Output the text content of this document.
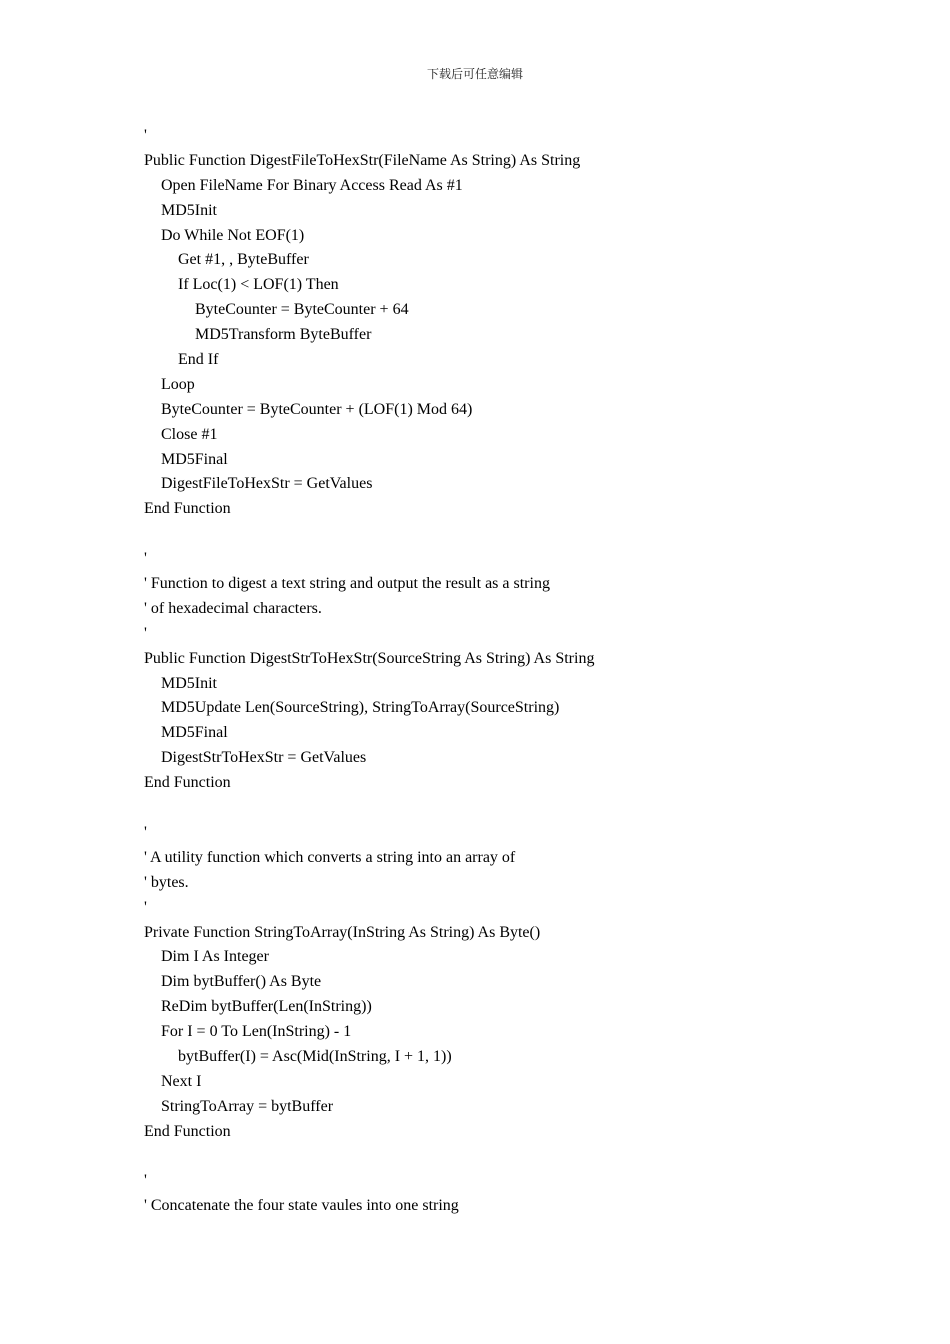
下载后可任意编辑
'
Public Function DigestFileToHexStr(FileName As String) As String
Open FileName For Binary Access Read As #1
MD5Init
Do While Not EOF(1)
Get #1, , ByteBuffer
If Loc(1) < LOF(1) Then
ByteCounter = ByteCounter + 64
MD5Transform ByteBuffer
End If
Loop
ByteCounter = ByteCounter + (LOF(1) Mod 64)
Close #1
MD5Final
DigestFileToHexStr = GetValues
End Function
'
' Function to digest a text string and output the result as a string
' of hexadecimal characters.
'
Public Function DigestStrToHexStr(SourceString As String) As String
MD5Init
MD5Update Len(SourceString), StringToArray(SourceString)
MD5Final
DigestStrToHexStr = GetValues
End Function
'
' A utility function which converts a string into an array of
' bytes.
'
Private Function StringToArray(InString As String) As Byte()
Dim I As Integer
Dim bytBuffer() As Byte
ReDim bytBuffer(Len(InString))
For I = 0 To Len(InString) - 1
bytBuffer(I) = Asc(Mid(InString, I + 1, 1))
Next I
StringToArray = bytBuffer
End Function
'
' Concatenate the four state vaules into one string
